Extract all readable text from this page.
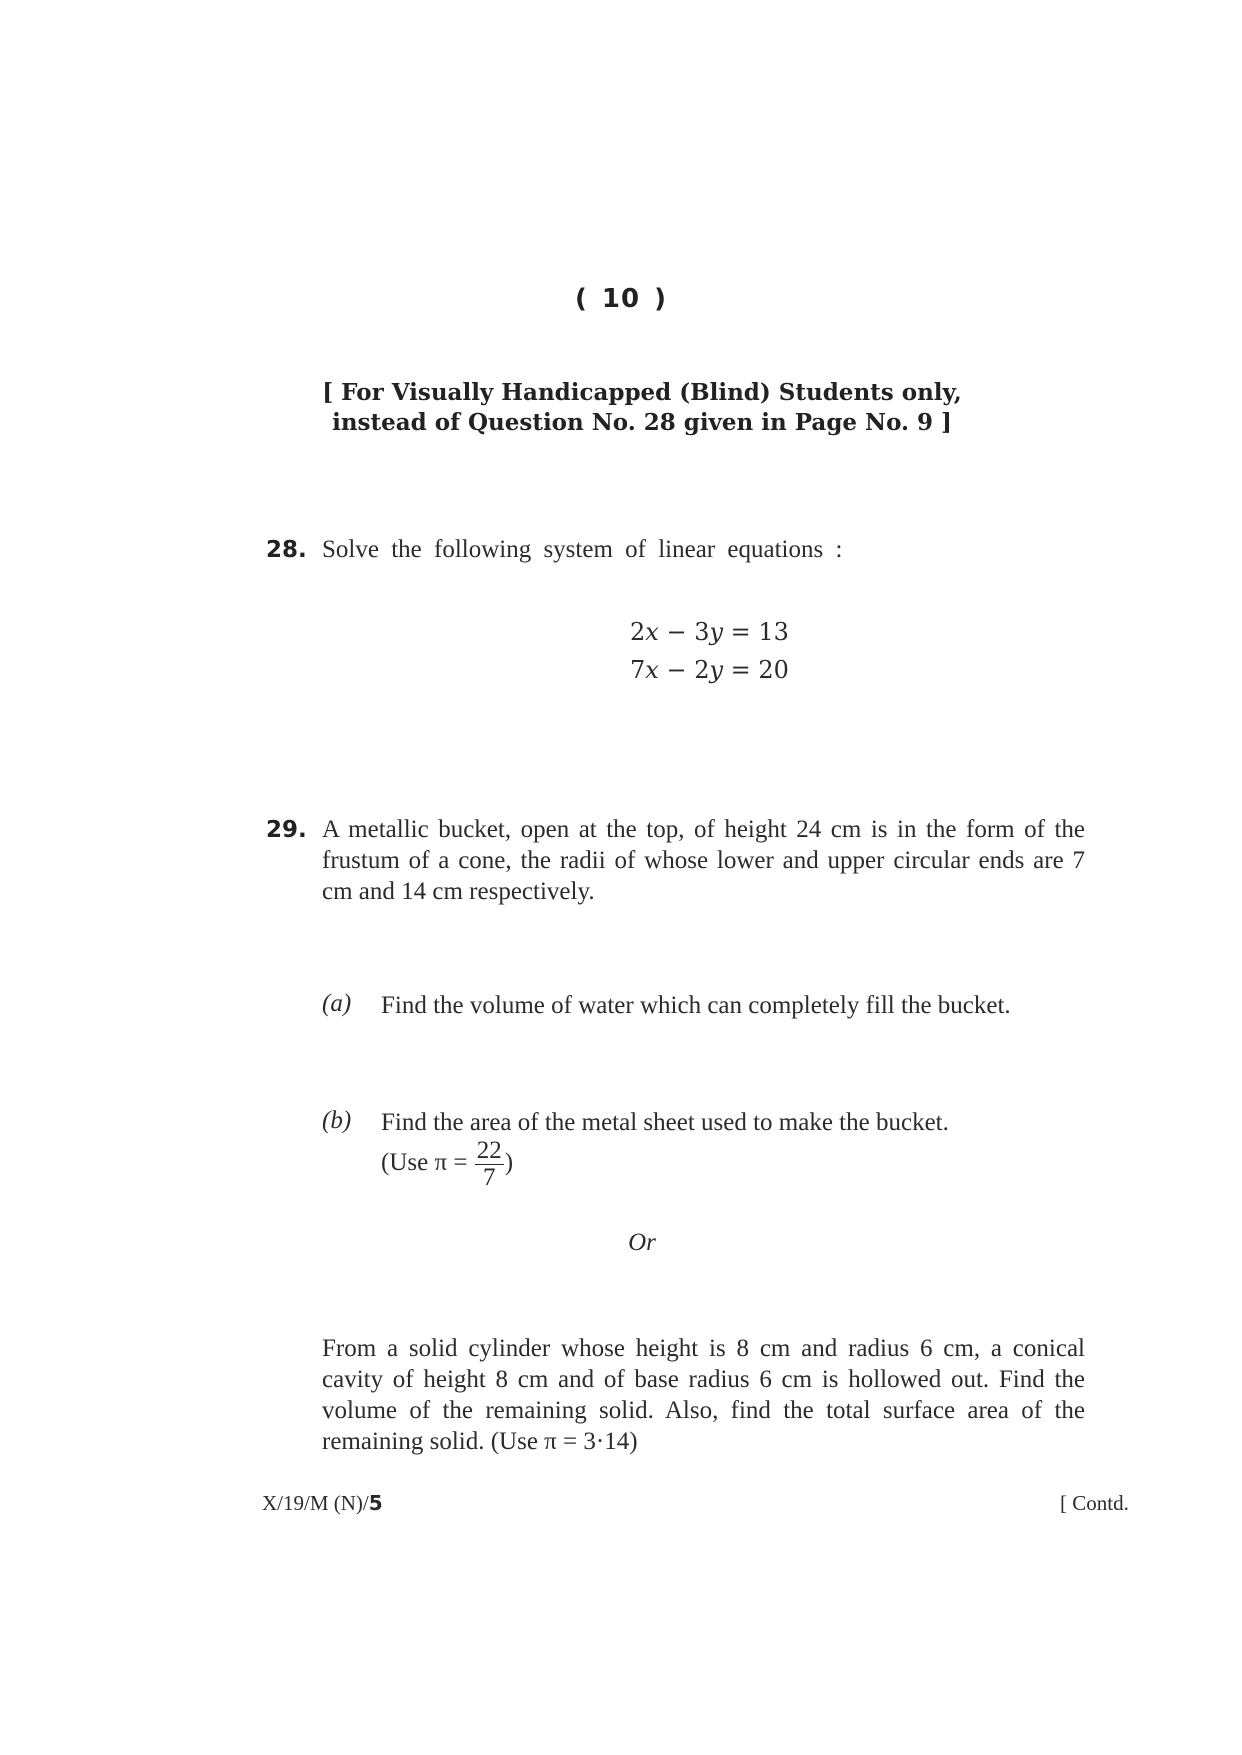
( 10 )
[ For Visually Handicapped (Blind) Students only,
instead of Question No. 28 given in Page No. 9 ]
28. Solve the following system of linear equations :
2x − 3y = 13
7x − 2y = 20
29. A metallic bucket, open at the top, of height 24 cm is in the form of the frustum of a cone, the radii of whose lower and upper circular ends are 7 cm and 14 cm respectively.
(a) Find the volume of water which can completely fill the bucket.
(b) Find the area of the metal sheet used to make the bucket.
(Use $\pi = \frac{22}{7}$ )
Or
From a solid cylinder whose height is 8 cm and radius 6 cm, a conical cavity of height 8 cm and of base radius 6 cm is hollowed out. Find the volume of the remaining solid. Also, find the total surface area of the remaining solid. (Use π = 3·14)
X/19/M (N)/5	[ Contd.
